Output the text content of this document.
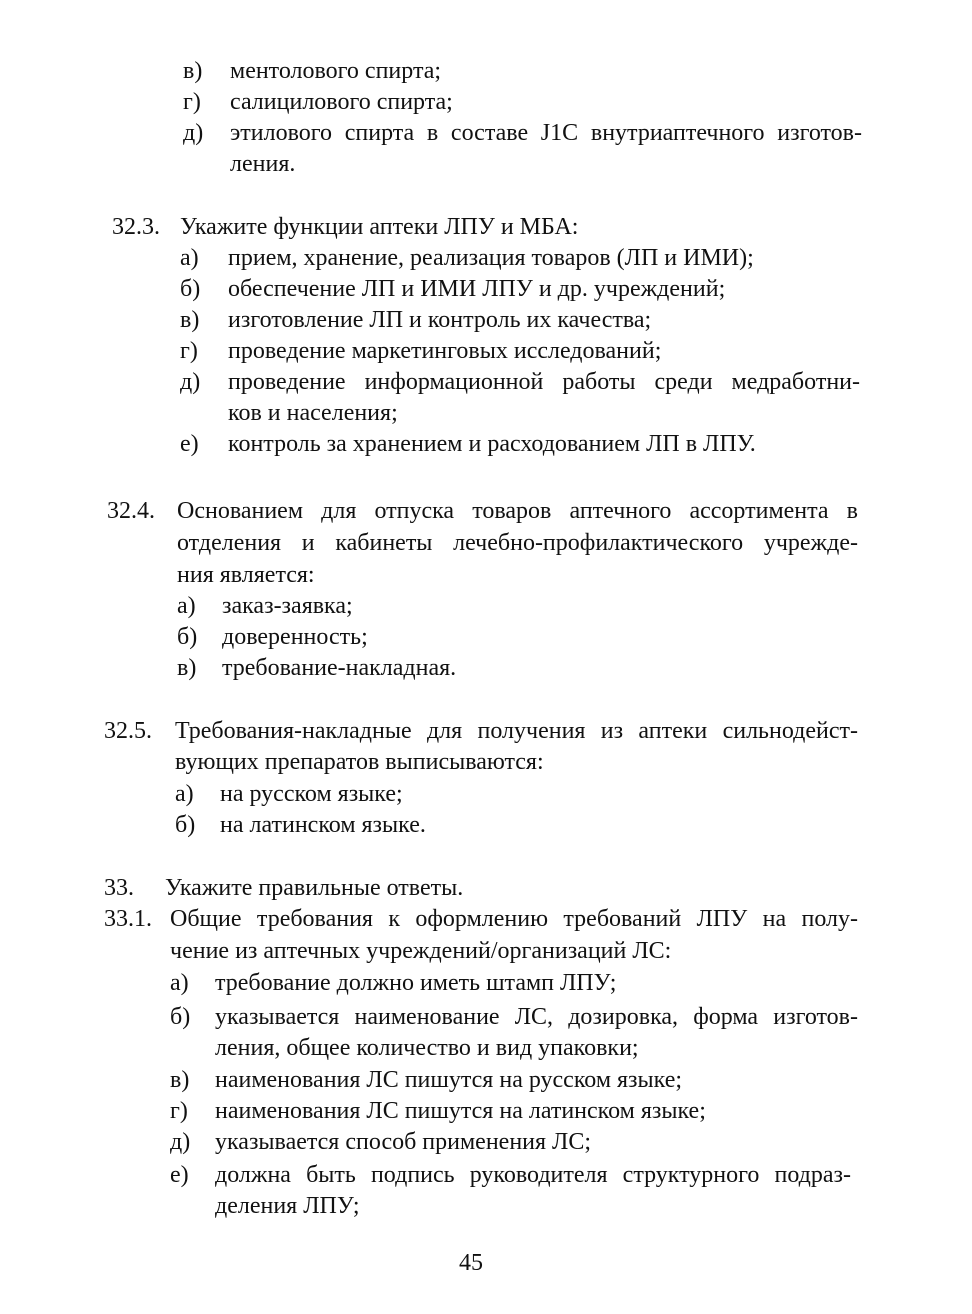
в) ментолового спирта;
г) салицилового спирта;
д) этилового спирта в составе J1C внутриаптечного изготов-
ления.
32.3. Укажите функции аптеки ЛПУ и МБА:
а) прием, хранение, реализация товаров (ЛП и ИМИ);
б) обеспечение ЛП и ИМИ ЛПУ и др. учреждений;
в) изготовление ЛП и контроль их качества;
г) проведение маркетинговых исследований;
д) проведение информационной работы среди медработни-
ков и населения;
е) контроль за хранением и расходованием ЛП в ЛПУ.
32.4. Основанием для отпуска товаров аптечного ассортимента в
отделения и кабинеты лечебно-профилактического учрежде-
ния является:
а) заказ-заявка;
б) доверенность;
в) требование-накладная.
32.5. Требования-накладные для получения из аптеки сильнодейст-
вующих препаратов выписываются:
а) на русском языке;
б) на латинском языке.
33. Укажите правильные ответы.
33.1. Общие требования к оформлению требований ЛПУ на полу-
чение из аптечных учреждений/организаций ЛС:
а) требование должно иметь штамп ЛПУ;
б) указывается наименование ЛС, дозировка, форма изготов-
ления, общее количество и вид упаковки;
в) наименования ЛС пишутся на русском языке;
г) наименования ЛС пишутся на латинском языке;
д) указывается способ применения ЛС;
е) должна быть подпись руководителя структурного подраз-
деления ЛПУ;
45
